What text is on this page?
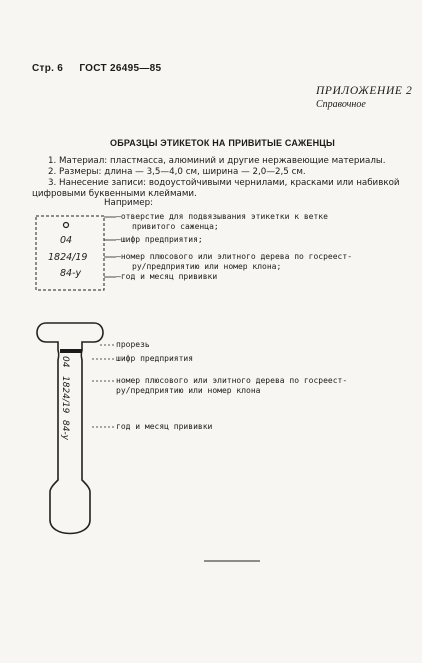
Стр. 6 ГОСТ 26495—85
ПРИЛОЖЕНИЕ 2
Справочное
ОБРАЗЦЫ ЭТИКЕТОК НА ПРИВИТЫЕ САЖЕНЦЫ
1. Материал: пластмасса, алюминий и другие нержавеющие материалы.
2. Размеры: длина — 3,5—4,0 см, ширина — 2,0—2,5 см.
3. Нанесение записи: водоустойчивыми чернилами, красками или набивкой
цифровыми буквенными клеймами.
Например:
04
1824/19
84-у
—отверстие для подвязывания этикетки к ветке
привитого саженца;
—шифр предприятия;
—номер плюсового или элитного дерева по госреест-
ру/предприятию или номер клона;
—год и месяц прививки
04
1824/19
84-у
прорезь
шифр предприятия
номер плюсового или элитного дерева по госреест-
ру/предприятию или номер клона
год и месяц прививки
